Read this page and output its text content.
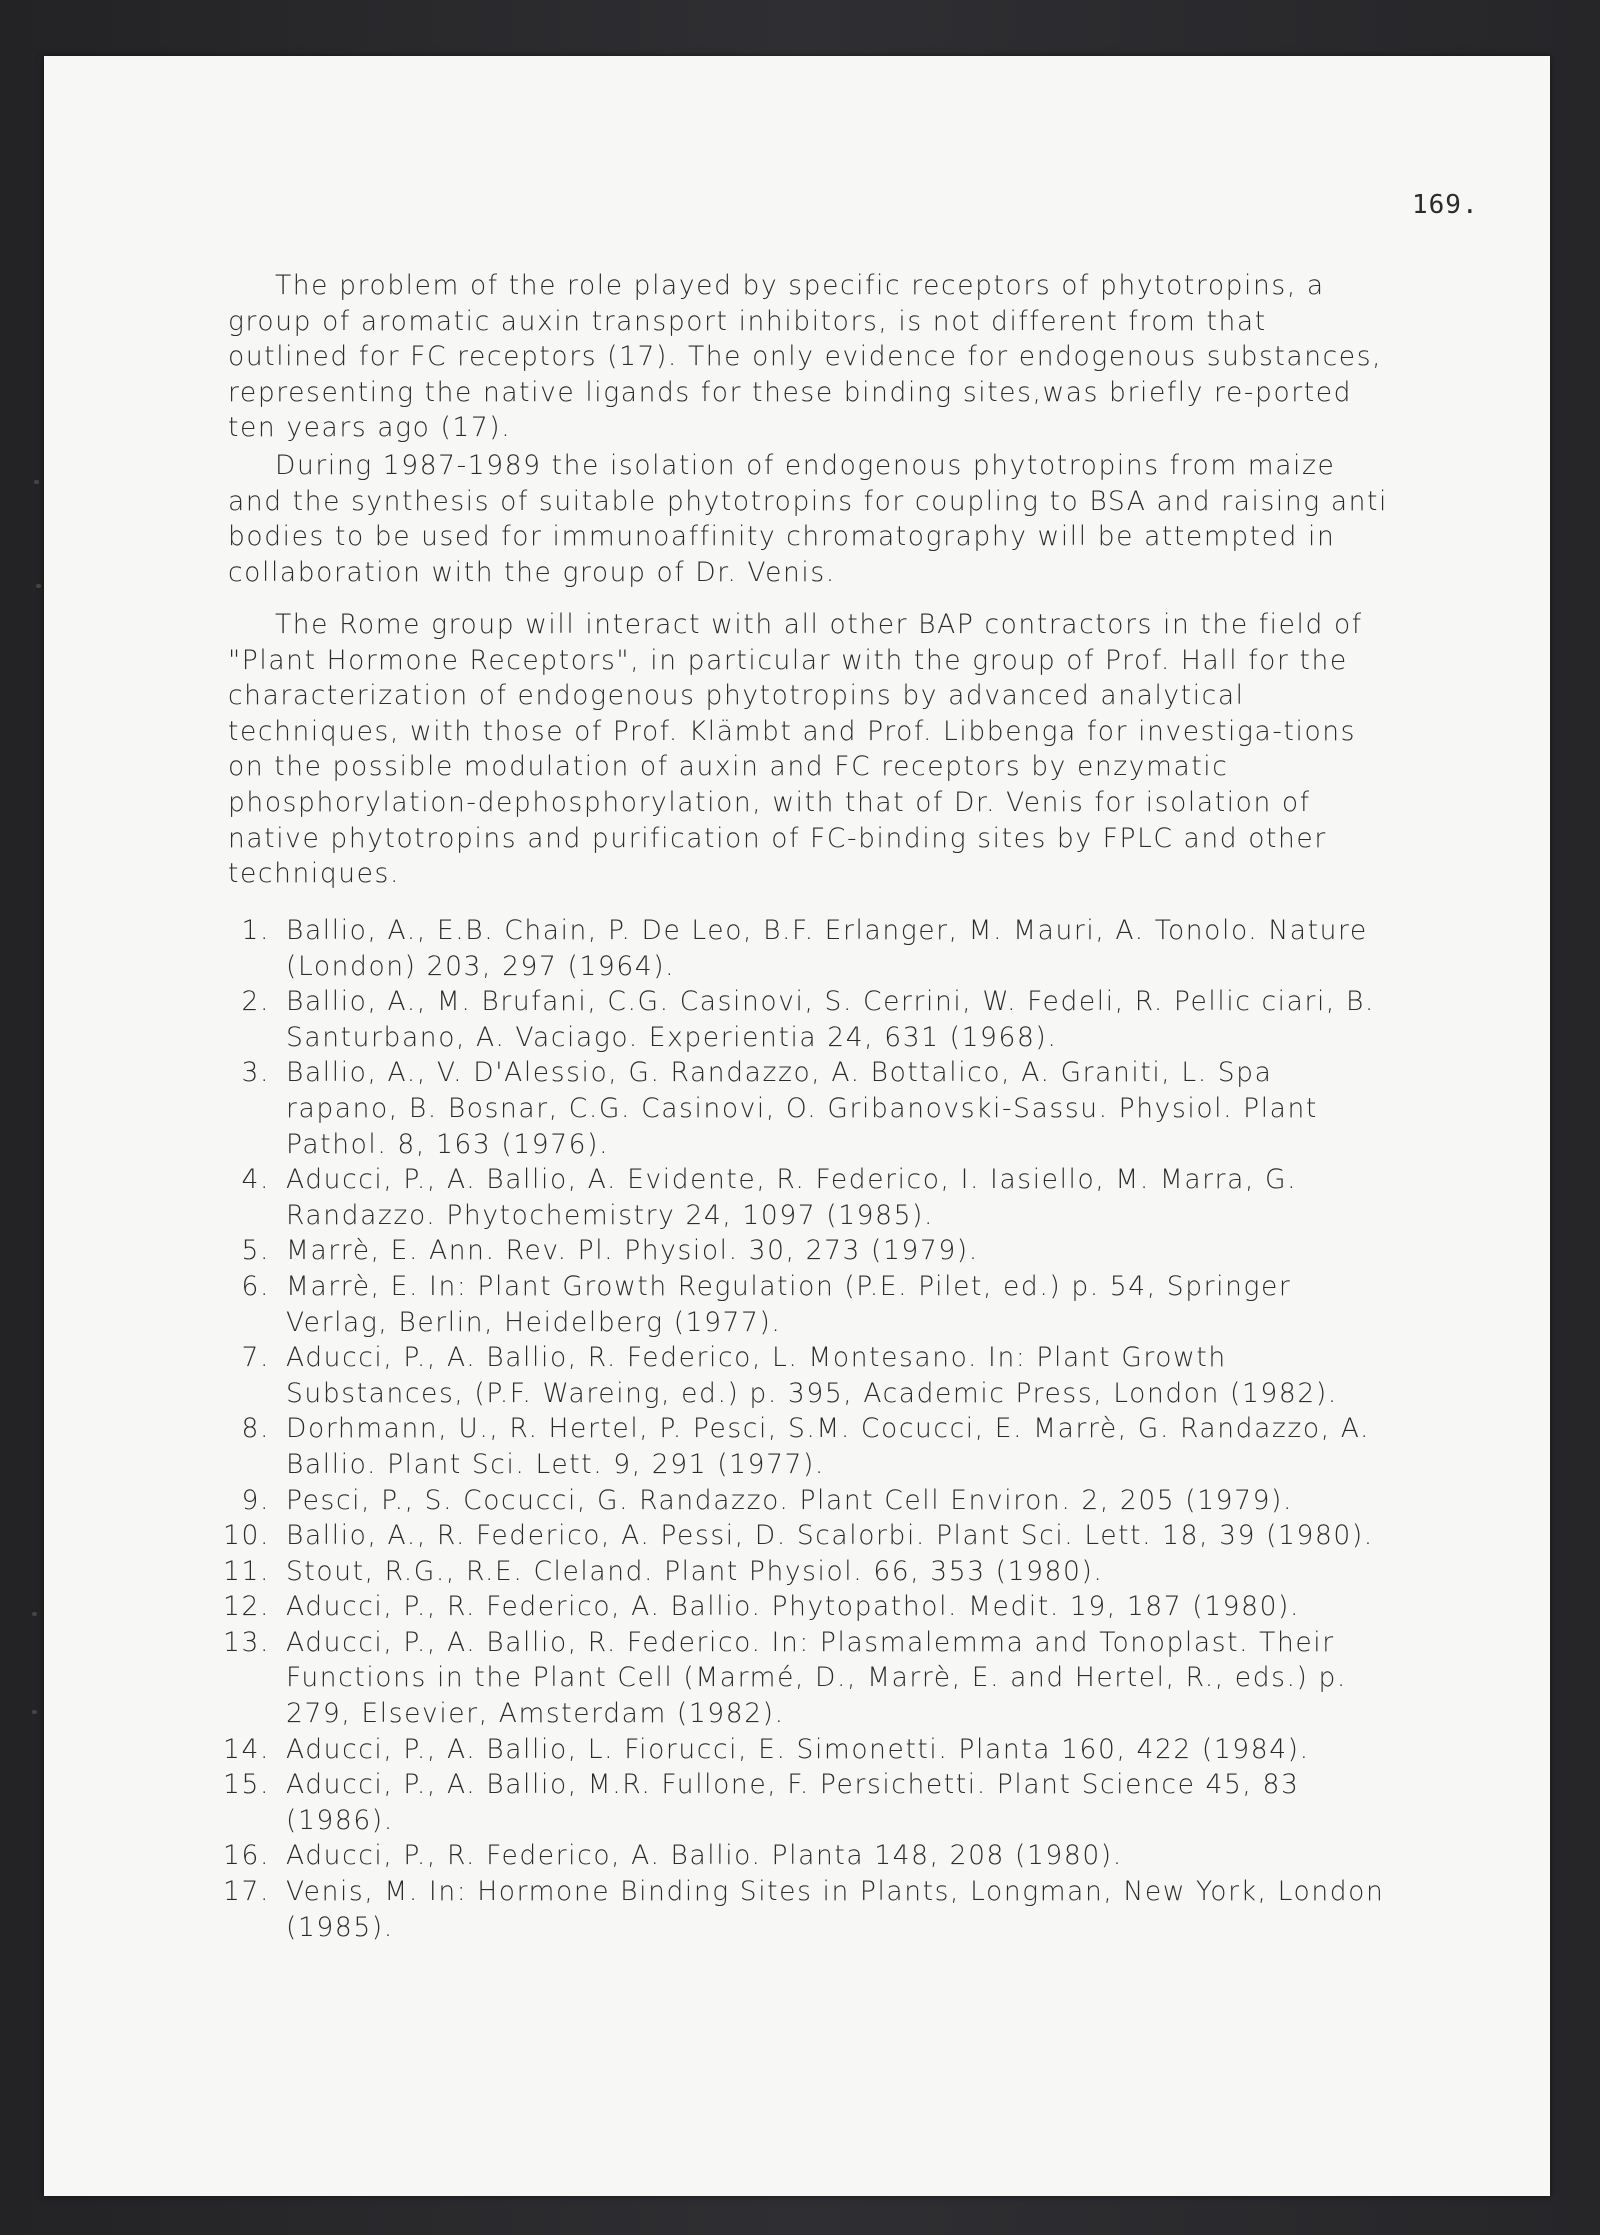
169.

The problem of the role played by specific receptors of phytotropins, a group of aromatic auxin transport inhibitors, is not different from that outlined for FC receptors (17). The only evidence for endogenous substances, representing the native ligands for these binding sites,was briefly re-ported ten years ago (17).

During 1987-1989 the isolation of endogenous phytotropins from maize and the synthesis of suitable phytotropins for coupling to BSA and raising anti bodies to be used for immunoaffinity chromatography will be attempted in collaboration with the group of Dr. Venis.

The Rome group will interact with all other BAP contractors in the field of "Plant Hormone Receptors", in particular with the group of Prof. Hall for the characterization of endogenous phytotropins by advanced analytical techniques, with those of Prof. Klämbt and Prof. Libbenga for investiga-tions on the possible modulation of auxin and FC receptors by enzymatic phosphorylation-dephosphorylation, with that of Dr. Venis for isolation of native phytotropins and purification of FC-binding sites by FPLC and other techniques.

1. Ballio, A., E.B. Chain, P. De Leo, B.F. Erlanger, M. Mauri, A. Tonolo. Nature (London) 203, 297 (1964).
2. Ballio, A., M. Brufani, C.G. Casinovi, S. Cerrini, W. Fedeli, R. Pellic ciari, B. Santurbano, A. Vaciago. Experientia 24, 631 (1968).
3. Ballio, A., V. D'Alessio, G. Randazzo, A. Bottalico, A. Graniti, L. Spa rapano, B. Bosnar, C.G. Casinovi, O. Gribanovski-Sassu. Physiol. Plant Pathol. 8, 163 (1976).
4. Aducci, P., A. Ballio, A. Evidente, R. Federico, I. Iasiello, M. Marra, G. Randazzo. Phytochemistry 24, 1097 (1985).
5. Marrè, E. Ann. Rev. Pl. Physiol. 30, 273 (1979).
6. Marrè, E. In: Plant Growth Regulation (P.E. Pilet, ed.) p. 54, Springer Verlag, Berlin, Heidelberg (1977).
7. Aducci, P., A. Ballio, R. Federico, L. Montesano. In: Plant Growth Substances, (P.F. Wareing, ed.) p. 395, Academic Press, London (1982).
8. Dorhmann, U., R. Hertel, P. Pesci, S.M. Cocucci, E. Marrè, G. Randazzo, A. Ballio. Plant Sci. Lett. 9, 291 (1977).
9. Pesci, P., S. Cocucci, G. Randazzo. Plant Cell Environ. 2, 205 (1979).
10. Ballio, A., R. Federico, A. Pessi, D. Scalorbi. Plant Sci. Lett. 18, 39 (1980).
11. Stout, R.G., R.E. Cleland. Plant Physiol. 66, 353 (1980).
12. Aducci, P., R. Federico, A. Ballio. Phytopathol. Medit. 19, 187 (1980).
13. Aducci, P., A. Ballio, R. Federico. In: Plasmalemma and Tonoplast. Their Functions in the Plant Cell (Marmé, D., Marrè, E. and Hertel, R., eds.) p. 279, Elsevier, Amsterdam (1982).
14. Aducci, P., A. Ballio, L. Fiorucci, E. Simonetti. Planta 160, 422 (1984).
15. Aducci, P., A. Ballio, M.R. Fullone, F. Persichetti. Plant Science 45, 83 (1986).
16. Aducci, P., R. Federico, A. Ballio. Planta 148, 208 (1980).
17. Venis, M. In: Hormone Binding Sites in Plants, Longman, New York, London (1985).
